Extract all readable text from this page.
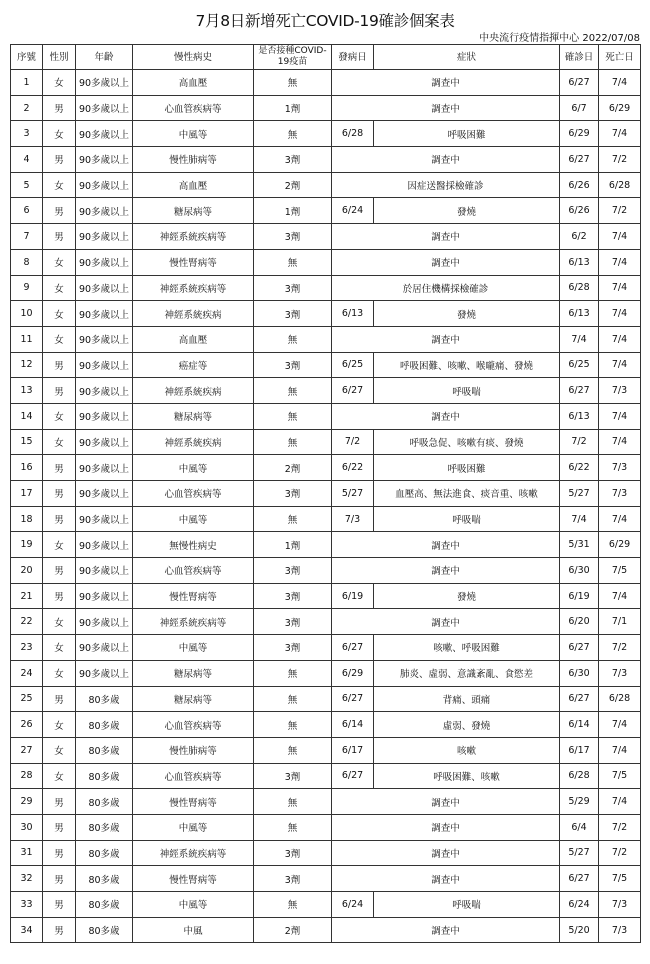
7月8日新增死亡COVID-19確診個案表
中央流行疫情指揮中心 2022/07/08
序號	性別	年齡	慢性病史	是否接種COVID-19疫苗	發病日	症狀	確診日	死亡日
1	女	90多歲以上	高血壓	無	調查中		6/27	7/4
2	男	90多歲以上	心血管疾病等	1劑	調查中		6/7	6/29
3	女	90多歲以上	中風等	無	6/28	呼吸困難	6/29	7/4
4	男	90多歲以上	慢性肺病等	3劑	調查中		6/27	7/2
5	女	90多歲以上	高血壓	2劑	因症送醫採檢確診		6/26	6/28
6	男	90多歲以上	糖尿病等	1劑	6/24	發燒	6/26	7/2
7	男	90多歲以上	神經系統疾病等	3劑	調查中		6/2	7/4
8	女	90多歲以上	慢性腎病等	無	調查中		6/13	7/4
9	女	90多歲以上	神經系統疾病等	3劑	於居住機構採檢確診		6/28	7/4
10	女	90多歲以上	神經系統疾病	3劑	6/13	發燒	6/13	7/4
11	女	90多歲以上	高血壓	無	調查中		7/4	7/4
12	男	90多歲以上	癌症等	3劑	6/25	呼吸困難、咳嗽、喉嚨痛、發燒	6/25	7/4
13	男	90多歲以上	神經系統疾病	無	6/27	呼吸喘	6/27	7/3
14	女	90多歲以上	糖尿病等	無	調查中		6/13	7/4
15	女	90多歲以上	神經系統疾病	無	7/2	呼吸急促、咳嗽有痰、發燒	7/2	7/4
16	男	90多歲以上	中風等	2劑	6/22	呼吸困難	6/22	7/3
17	男	90多歲以上	心血管疾病等	3劑	5/27	血壓高、無法進食、痰音重、咳嗽	5/27	7/3
18	男	90多歲以上	中風等	無	7/3	呼吸喘	7/4	7/4
19	女	90多歲以上	無慢性病史	1劑	調查中		5/31	6/29
20	男	90多歲以上	心血管疾病等	3劑	調查中		6/30	7/5
21	男	90多歲以上	慢性腎病等	3劑	6/19	發燒	6/19	7/4
22	女	90多歲以上	神經系統疾病等	3劑	調查中		6/20	7/1
23	女	90多歲以上	中風等	3劑	6/27	咳嗽、呼吸困難	6/27	7/2
24	女	90多歲以上	糖尿病等	無	6/29	肺炎、虛弱、意識紊亂、食慾差	6/30	7/3
25	男	80多歲	糖尿病等	無	6/27	背痛、頭痛	6/27	6/28
26	女	80多歲	心血管疾病等	無	6/14	虛弱、發燒	6/14	7/4
27	女	80多歲	慢性肺病等	無	6/17	咳嗽	6/17	7/4
28	女	80多歲	心血管疾病等	3劑	6/27	呼吸困難、咳嗽	6/28	7/5
29	男	80多歲	慢性腎病等	無	調查中		5/29	7/4
30	男	80多歲	中風等	無	調查中		6/4	7/2
31	男	80多歲	神經系統疾病等	3劑	調查中		5/27	7/2
32	男	80多歲	慢性腎病等	3劑	調查中		6/27	7/5
33	男	80多歲	中風等	無	6/24	呼吸喘	6/24	7/3
34	男	80多歲	中風	2劑	調查中		5/20	7/3
